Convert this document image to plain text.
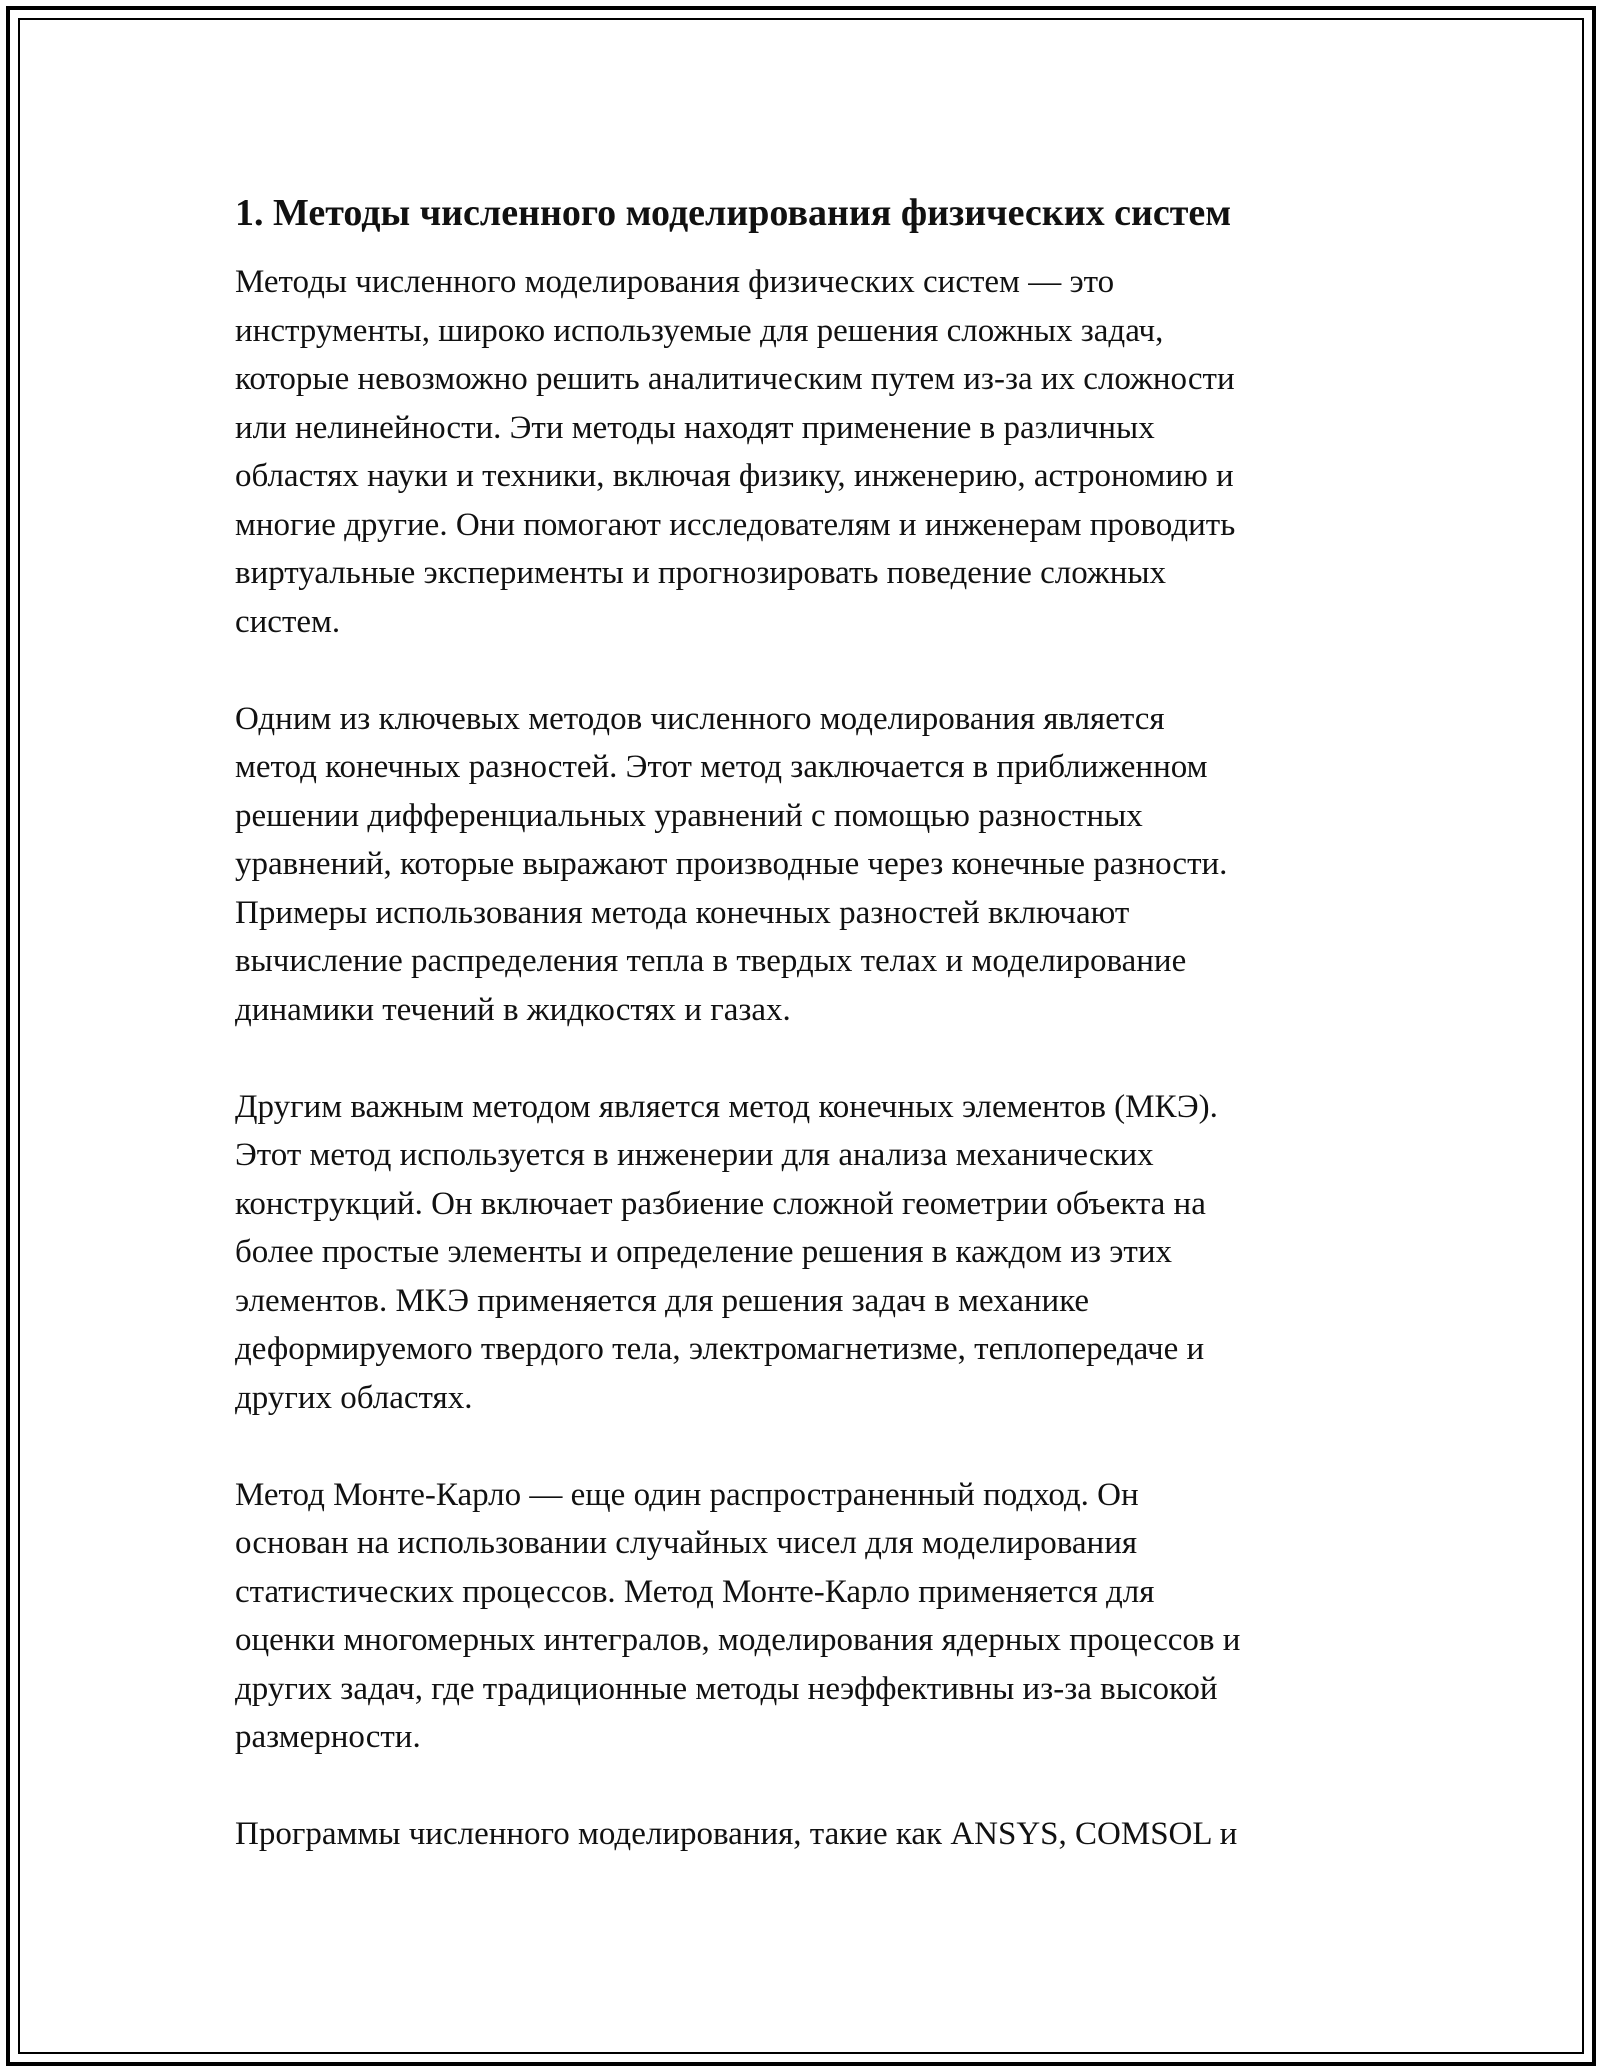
1. Методы численного моделирования физических систем

Методы численного моделирования физических систем — это
инструменты, широко используемые для решения сложных задач,
которые невозможно решить аналитическим путем из-за их сложности
или нелинейности. Эти методы находят применение в различных
областях науки и техники, включая физику, инженерию, астрономию и
многие другие. Они помогают исследователям и инженерам проводить
виртуальные эксперименты и прогнозировать поведение сложных
систем.

Одним из ключевых методов численного моделирования является
метод конечных разностей. Этот метод заключается в приближенном
решении дифференциальных уравнений с помощью разностных
уравнений, которые выражают производные через конечные разности.
Примеры использования метода конечных разностей включают
вычисление распределения тепла в твердых телах и моделирование
динамики течений в жидкостях и газах.

Другим важным методом является метод конечных элементов (МКЭ).
Этот метод используется в инженерии для анализа механических
конструкций. Он включает разбиение сложной геометрии объекта на
более простые элементы и определение решения в каждом из этих
элементов. МКЭ применяется для решения задач в механике
деформируемого твердого тела, электромагнетизме, теплопередаче и
других областях.

Метод Монте-Карло — еще один распространенный подход. Он
основан на использовании случайных чисел для моделирования
статистических процессов. Метод Монте-Карло применяется для
оценки многомерных интегралов, моделирования ядерных процессов и
других задач, где традиционные методы неэффективны из-за высокой
размерности.

Программы численного моделирования, такие как ANSYS, COMSOL и
